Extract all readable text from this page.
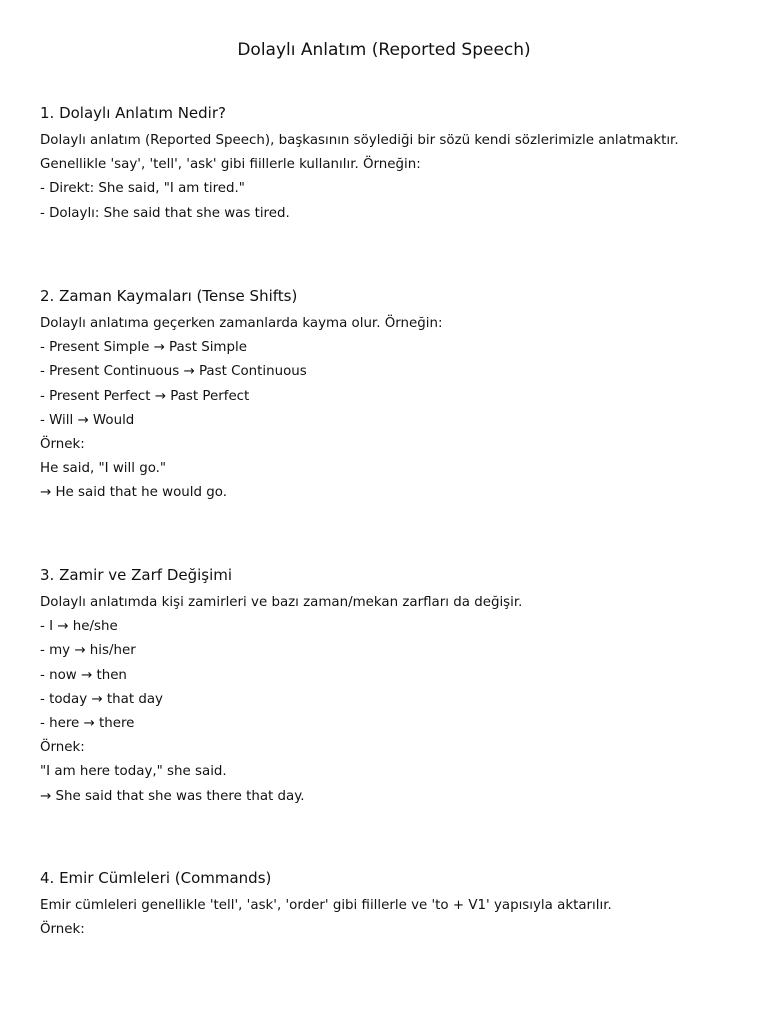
Dolaylı Anlatım (Reported Speech)
1. Dolaylı Anlatım Nedir?
Dolaylı anlatım (Reported Speech), başkasının söylediği bir sözü kendi sözlerimizle anlatmaktır.
Genellikle 'say', 'tell', 'ask' gibi fiillerle kullanılır. Örneğin:
- Direkt: She said, "I am tired."
- Dolaylı: She said that she was tired.
2. Zaman Kaymaları (Tense Shifts)
Dolaylı anlatıma geçerken zamanlarda kayma olur. Örneğin:
- Present Simple → Past Simple
- Present Continuous → Past Continuous
- Present Perfect → Past Perfect
- Will → Would
Örnek:
He said, "I will go."
→ He said that he would go.
3. Zamir ve Zarf Değişimi
Dolaylı anlatımda kişi zamirleri ve bazı zaman/mekan zarfları da değişir.
- I → he/she
- my → his/her
- now → then
- today → that day
- here → there
Örnek:
"I am here today," she said.
→ She said that she was there that day.
4. Emir Cümleleri (Commands)
Emir cümleleri genellikle 'tell', 'ask', 'order' gibi fiillerle ve 'to + V1' yapısıyla aktarılır.
Örnek:
